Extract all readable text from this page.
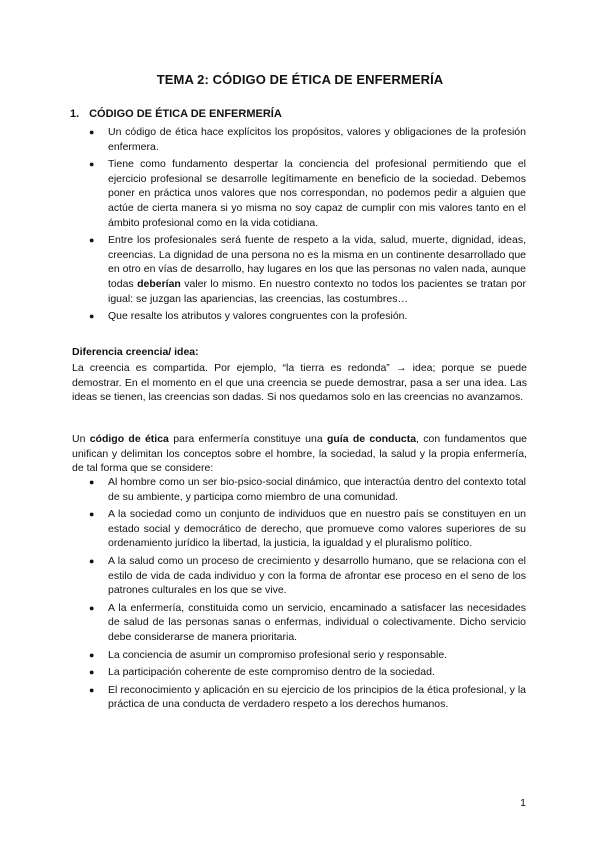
TEMA 2: CÓDIGO DE ÉTICA DE ENFERMERÍA
1. CÓDIGO DE ÉTICA DE ENFERMERÍA
● Un código de ética hace explícitos los propósitos, valores y obligaciones de la profesión enfermera.
● Tiene como fundamento despertar la conciencia del profesional permitiendo que el ejercicio profesional se desarrolle legítimamente en beneficio de la sociedad. Debemos poner en práctica unos valores que nos correspondan, no podemos pedir a alguien que actúe de cierta manera si yo misma no soy capaz de cumplir con mis valores tanto en el ámbito profesional como en la vida cotidiana.
● Entre los profesionales será fuente de respeto a la vida, salud, muerte, dignidad, ideas, creencias. La dignidad de una persona no es la misma en un continente desarrollado que en otro en vías de desarrollo, hay lugares en los que las personas no valen nada, aunque todas deberían valer lo mismo. En nuestro contexto no todos los pacientes se tratan por igual: se juzgan las apariencias, las creencias, las costumbres…
● Que resalte los atributos y valores congruentes con la profesión.
Diferencia creencia/ idea:

La creencia es compartida. Por ejemplo, “la tierra es redonda” → idea; porque se puede demostrar. En el momento en el que una creencia se puede demostrar, pasa a ser una idea. Las ideas se tienen, las creencias son dadas. Si nos quedamos solo en las creencias no avanzamos.

Un código de ética para enfermería constituye una guía de conducta, con fundamentos que unifican y delimitan los conceptos sobre el hombre, la sociedad, la salud y la propia enfermería, de tal forma que se considere:

● Al hombre como un ser bio-psico-social dinámico, que interactúa dentro del contexto total de su ambiente, y participa como miembro de una comunidad.
● A la sociedad como un conjunto de individuos que en nuestro país se constituyen en un estado social y democrático de derecho, que promueve como valores superiores de su ordenamiento jurídico la libertad, la justicia, la igualdad y el pluralismo político.
● A la salud como un proceso de crecimiento y desarrollo humano, que se relaciona con el estilo de vida de cada individuo y con la forma de afrontar ese proceso en el seno de los patrones culturales en los que se vive.
● A la enfermería, constituida como un servicio, encaminado a satisfacer las necesidades de salud de las personas sanas o enfermas, individual o colectivamente. Dicho servicio debe considerarse de manera prioritaria.
● La conciencia de asumir un compromiso profesional serio y responsable.
● La participación coherente de este compromiso dentro de la sociedad.
● El reconocimiento y aplicación en su ejercicio de los principios de la ética profesional, y la práctica de una conducta de verdadero respeto a los derechos humanos.
1
